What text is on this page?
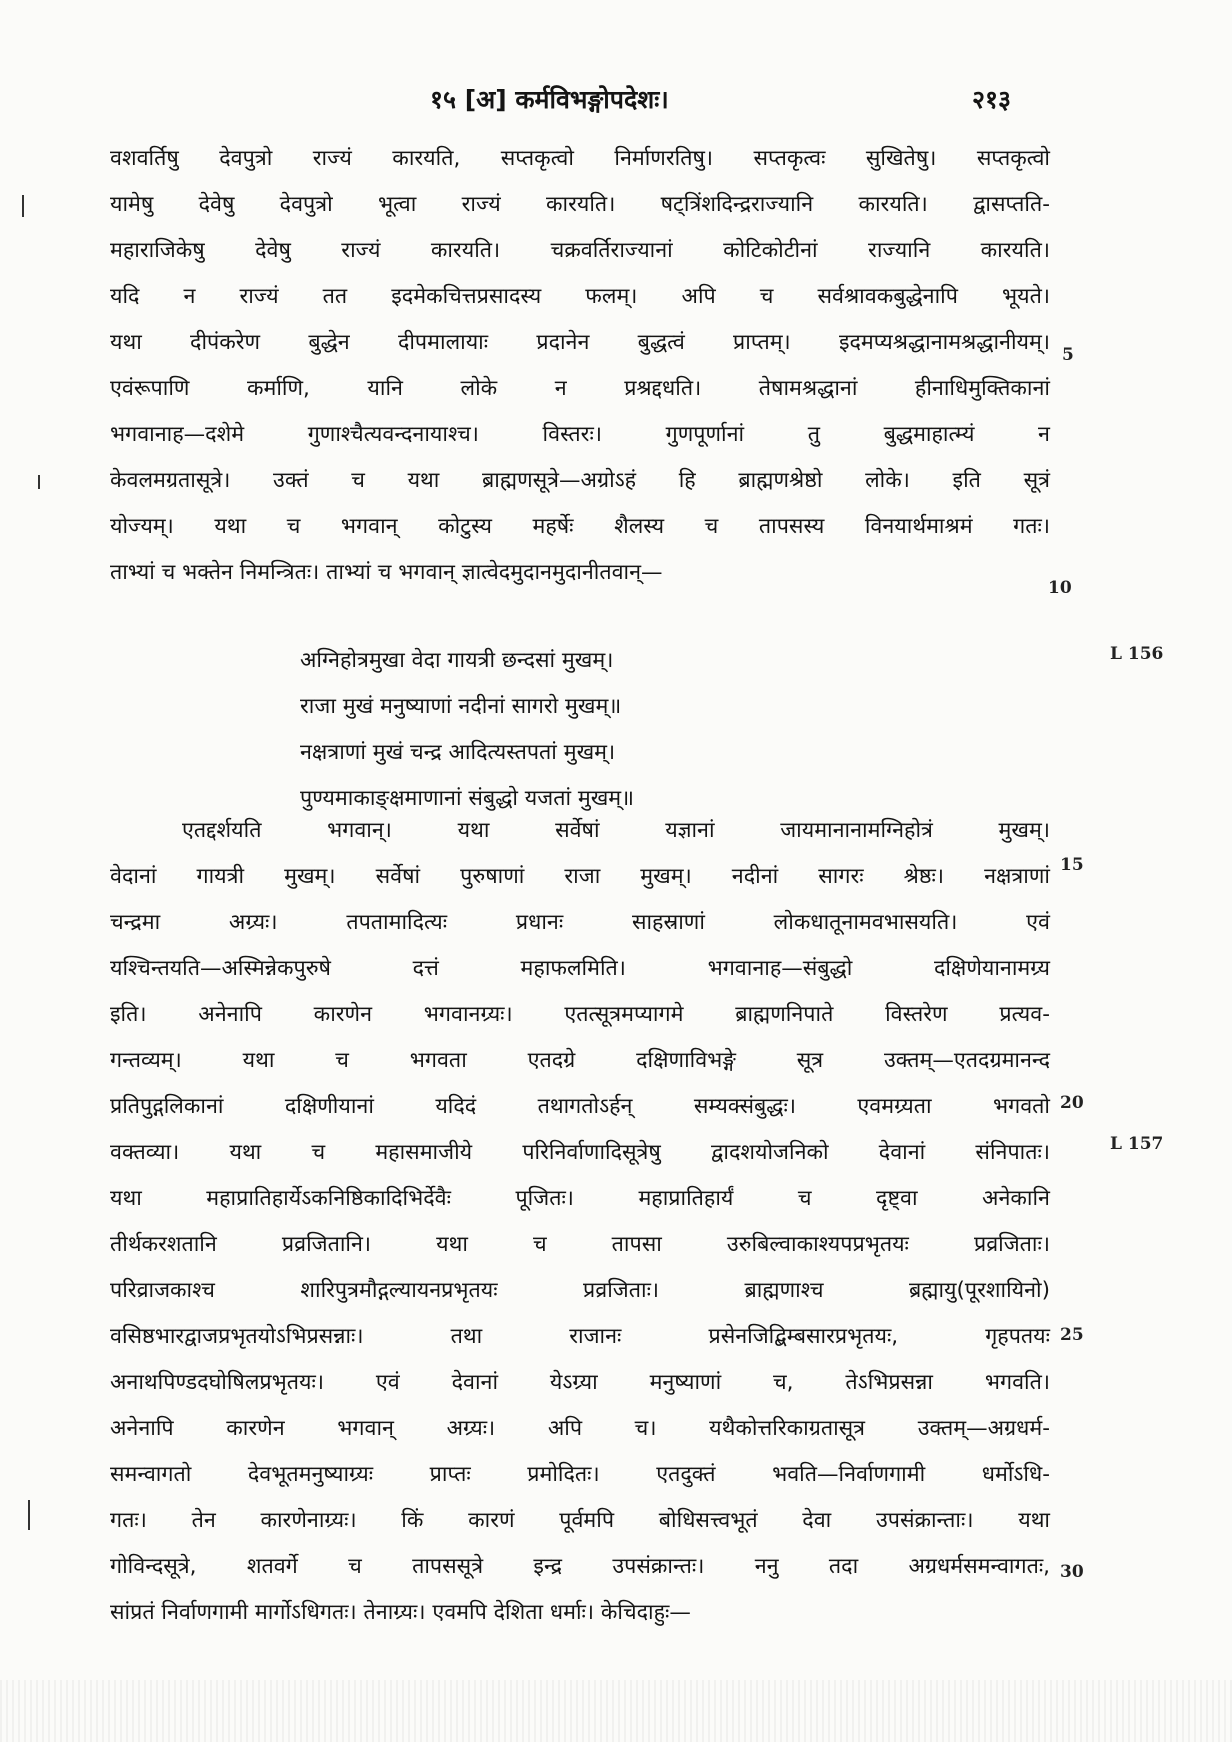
१५ [अ] कर्मविभङ्गोपदेशः।	२१३
वशवर्तिषु देवपुत्रो राज्यं कारयति, सप्तकृत्वो निर्माणरतिषु। सप्तकृत्वः सुखितेषु। सप्तकृत्वो
यामेषु देवेषु देवपुत्रो भूत्वा राज्यं कारयति। षट्त्रिंशदिन्द्रराज्यानि कारयति। द्वासप्तति-
महाराजिकेषु देवेषु राज्यं कारयति। चक्रवर्तिराज्यानां कोटिकोटीनां राज्यानि कारयति।
यदि न राज्यं तत इदमेकचित्तप्रसादस्य फलम्। अपि च सर्वश्रावकबुद्धेनापि भूयते।
यथा दीपंकरेण बुद्धेन दीपमालायाः प्रदानेन बुद्धत्वं प्राप्तम्। इदमप्यश्रद्धानामश्रद्धानीयम्।
एवंरूपाणि कर्माणि, यानि लोके न प्रश्रद्दधति। तेषामश्रद्धानां हीनाधिमुक्तिकानां
भगवानाह—दशेमे गुणाश्चैत्यवन्दनायाश्च। विस्तरः। गुणपूर्णानां तु बुद्धमाहात्म्यं न
केवलमग्रतासूत्रे। उक्तं च यथा ब्राह्मणसूत्रे—अग्रोऽहं हि ब्राह्मणश्रेष्ठो लोके। इति सूत्रं
योज्यम्। यथा च भगवान् कोटुस्य महर्षेः शैलस्य च तापसस्य विनयार्थमाश्रमं गतः।
ताभ्यां च भक्तेन निमन्त्रितः। ताभ्यां च भगवान् ज्ञात्वेदमुदानमुदानीतवान्—
एतद्दर्शयति भगवान्। यथा सर्वेषां यज्ञानां जायमानानामग्निहोत्रं मुखम्।
वेदानां गायत्री मुखम्। सर्वेषां पुरुषाणां राजा मुखम्। नदीनां सागरः श्रेष्ठः। नक्षत्राणां
चन्द्रमा अग्र्यः। तपतामादित्यः प्रधानः साहस्राणां लोकधातूनामवभासयति। एवं
यश्चिन्तयति—अस्मिन्नेकपुरुषे दत्तं महाफलमिति। भगवानाह—संबुद्धो दक्षिणेयानामग्र्य
इति। अनेनापि कारणेन भगवानग्र्यः। एतत्सूत्रमप्यागमे ब्राह्मणनिपाते विस्तरेण प्रत्यव-
गन्तव्यम्। यथा च भगवता एतदग्रे दक्षिणाविभङ्गे सूत्र उक्तम्—एतदग्रमानन्द
प्रतिपुद्गलिकानां दक्षिणीयानां यदिदं तथागतोऽर्हन् सम्यक्संबुद्धः। एवमग्र्यता भगवतो
वक्तव्या। यथा च महासमाजीये परिनिर्वाणादिसूत्रेषु द्वादशयोजनिको देवानां संनिपातः।
यथा महाप्रातिहार्येऽकनिष्ठिकादिभिर्देवैः पूजितः। महाप्रातिहार्यं च दृष्ट्वा अनेकानि
तीर्थकरशतानि प्रव्रजितानि। यथा च तापसा उरुबिल्वाकाश्यपप्रभृतयः प्रव्रजिताः।
परिव्राजकाश्च शारिपुत्रमौद्गल्यायनप्रभृतयः प्रव्रजिताः। ब्राह्मणाश्च ब्रह्मायु(पूरशायिनो)
वसिष्ठभारद्वाजप्रभृतयोऽभिप्रसन्नाः। तथा राजानः प्रसेनजिद्बिम्बसारप्रभृतयः, गृहपतयः
अनाथपिण्डदघोषिलप्रभृतयः। एवं देवानां येऽग्र्या मनुष्याणां च, तेऽभिप्रसन्ना भगवति।
अनेनापि कारणेन भगवान् अग्र्यः। अपि च। यथैकोत्तरिकाग्रतासूत्र उक्तम्—अग्रधर्म-
समन्वागतो देवभूतमनुष्याग्र्यः प्राप्तः प्रमोदितः। एतदुक्तं भवति—निर्वाणगामी धर्मोऽधि-
गतः। तेन कारणेनाग्र्यः। किं कारणं पूर्वमपि बोधिसत्त्वभूतं देवा उपसंक्रान्ताः। यथा
गोविन्दसूत्रे, शतवर्गे च तापससूत्रे इन्द्र उपसंक्रान्तः। ननु तदा अग्रधर्मसमन्वागतः,
सांप्रतं निर्वाणगामी मार्गोऽधिगतः। तेनाग्र्यः। एवमपि देशिता धर्माः। केचिदाहुः—
अग्निहोत्रमुखा वेदा गायत्री छन्दसां मुखम्।
राजा मुखं मनुष्याणां नदीनां सागरो मुखम्॥
नक्षत्राणां मुखं चन्द्र आदित्यस्तपतां मुखम्।
पुण्यमाकाङ्क्षमाणानां संबुद्धो यजतां मुखम्॥
5
10
15
20
25
30
L 156
L 157
